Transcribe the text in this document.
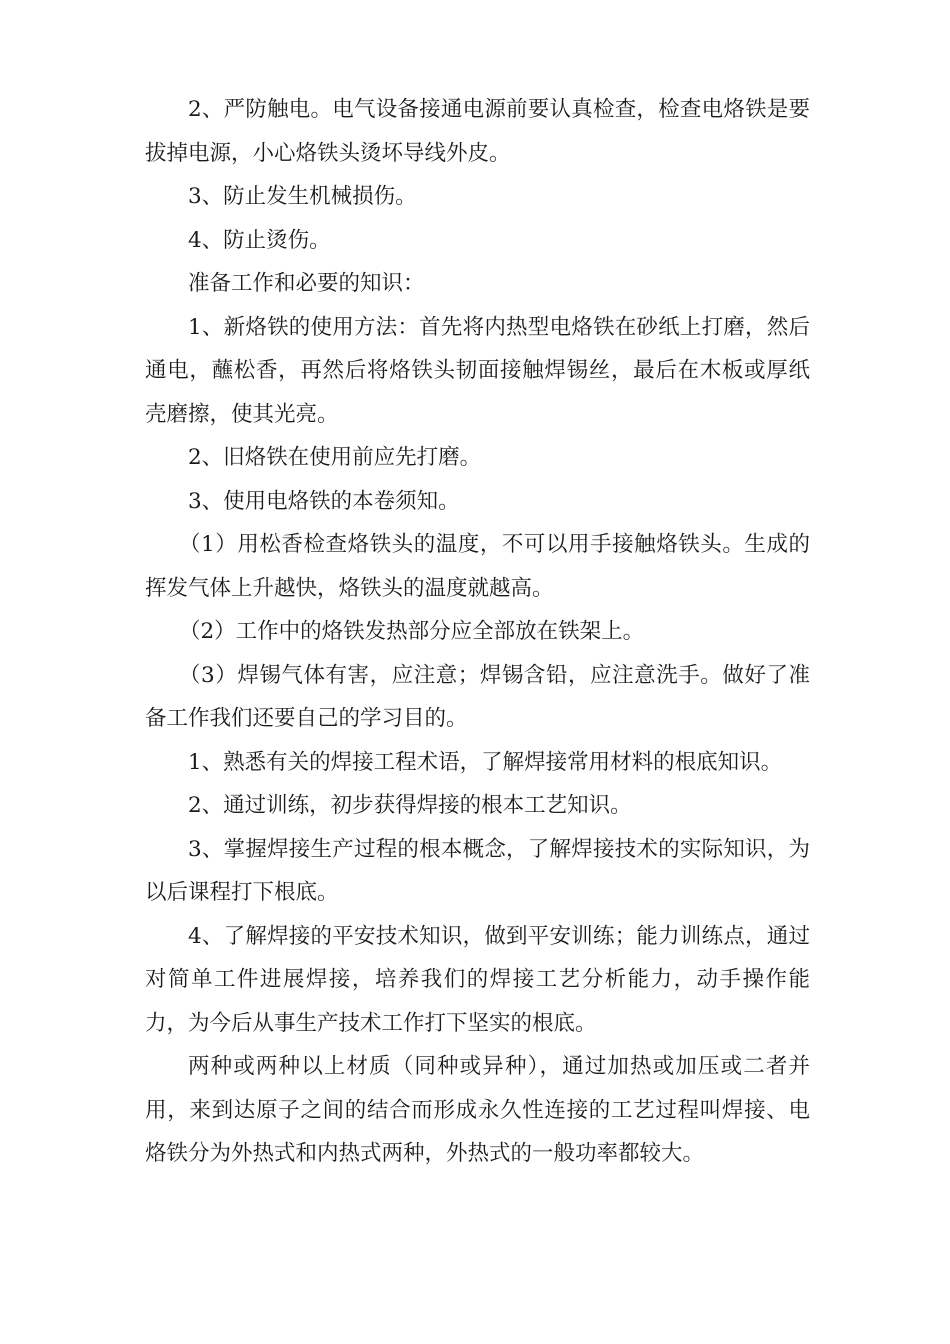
2、严防触电。电气设备接通电源前要认真检查，检查电烙铁是要拔掉电源，小心烙铁头烫坏导线外皮。

3、防止发生机械损伤。

4、防止烫伤。

准备工作和必要的知识：

1、新烙铁的使用方法：首先将内热型电烙铁在砂纸上打磨，然后通电，蘸松香，再然后将烙铁头韧面接触焊锡丝，最后在木板或厚纸壳磨擦，使其光亮。

2、旧烙铁在使用前应先打磨。

3、使用电烙铁的本卷须知。

（1）用松香检查烙铁头的温度，不可以用手接触烙铁头。生成的挥发气体上升越快，烙铁头的温度就越高。

（2）工作中的烙铁发热部分应全部放在铁架上。

（3）焊锡气体有害，应注意；焊锡含铅，应注意洗手。做好了准备工作我们还要自己的学习目的。

1、熟悉有关的焊接工程术语，了解焊接常用材料的根底知识。

2、通过训练，初步获得焊接的根本工艺知识。

3、掌握焊接生产过程的根本概念，了解焊接技术的实际知识，为以后课程打下根底。

4、了解焊接的平安技术知识，做到平安训练；能力训练点，通过对简单工件进展焊接，培养我们的焊接工艺分析能力，动手操作能力，为今后从事生产技术工作打下坚实的根底。

两种或两种以上材质（同种或异种），通过加热或加压或二者并用，来到达原子之间的结合而形成永久性连接的工艺过程叫焊接、电烙铁分为外热式和内热式两种，外热式的一般功率都较大。
